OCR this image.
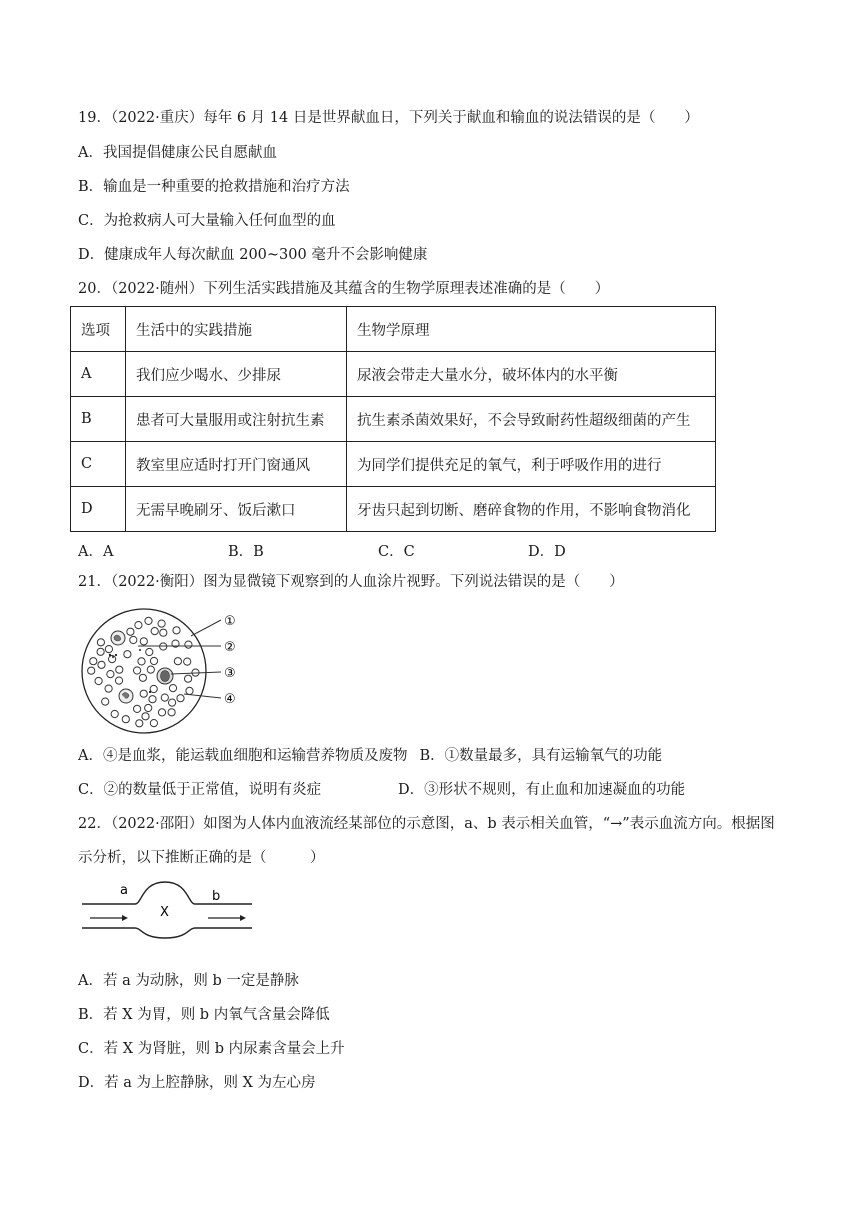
19．（2022·重庆）每年 6 月 14 日是世界献血日，下列关于献血和输血的说法错误的是（　　）
A．我国提倡健康公民自愿献血
B．输血是一种重要的抢救措施和治疗方法
C．为抢救病人可大量输入任何血型的血
D．健康成年人每次献血 200~300 毫升不会影响健康
20．（2022·随州）下列生活实践措施及其蕴含的生物学原理表述准确的是（　　）
选项	生活中的实践措施	生物学原理
A	我们应少喝水、少排尿	尿液会带走大量水分，破坏体内的水平衡
B	患者可大量服用或注射抗生素	抗生素杀菌效果好，不会导致耐药性超级细菌的产生
C	教室里应适时打开门窗通风	为同学们提供充足的氧气，利于呼吸作用的进行
D	无需早晚刷牙、饭后漱口	牙齿只起到切断、磨碎食物的作用，不影响食物消化
A．A	B．B	C．C	D．D
21．（2022·衡阳）图为显微镜下观察到的人血涂片视野。下列说法错误的是（　　）
①
②
③
④
A．④是血浆，能运载血细胞和运输营养物质及废物 B．①数量最多，具有运输氧气的功能
C．②的数量低于正常值，说明有炎症	D．③形状不规则，有止血和加速凝血的功能
22．（2022·邵阳）如图为人体内血液流经某部位的示意图，a、b 表示相关血管，“→”表示血流方向。根据图
示分析，以下推断正确的是（　　　）
a	b
X
A．若 a 为动脉，则 b 一定是静脉
B．若 X 为胃，则 b 内氧气含量会降低
C．若 X 为肾脏，则 b 内尿素含量会上升
D．若 a 为上腔静脉，则 X 为左心房
